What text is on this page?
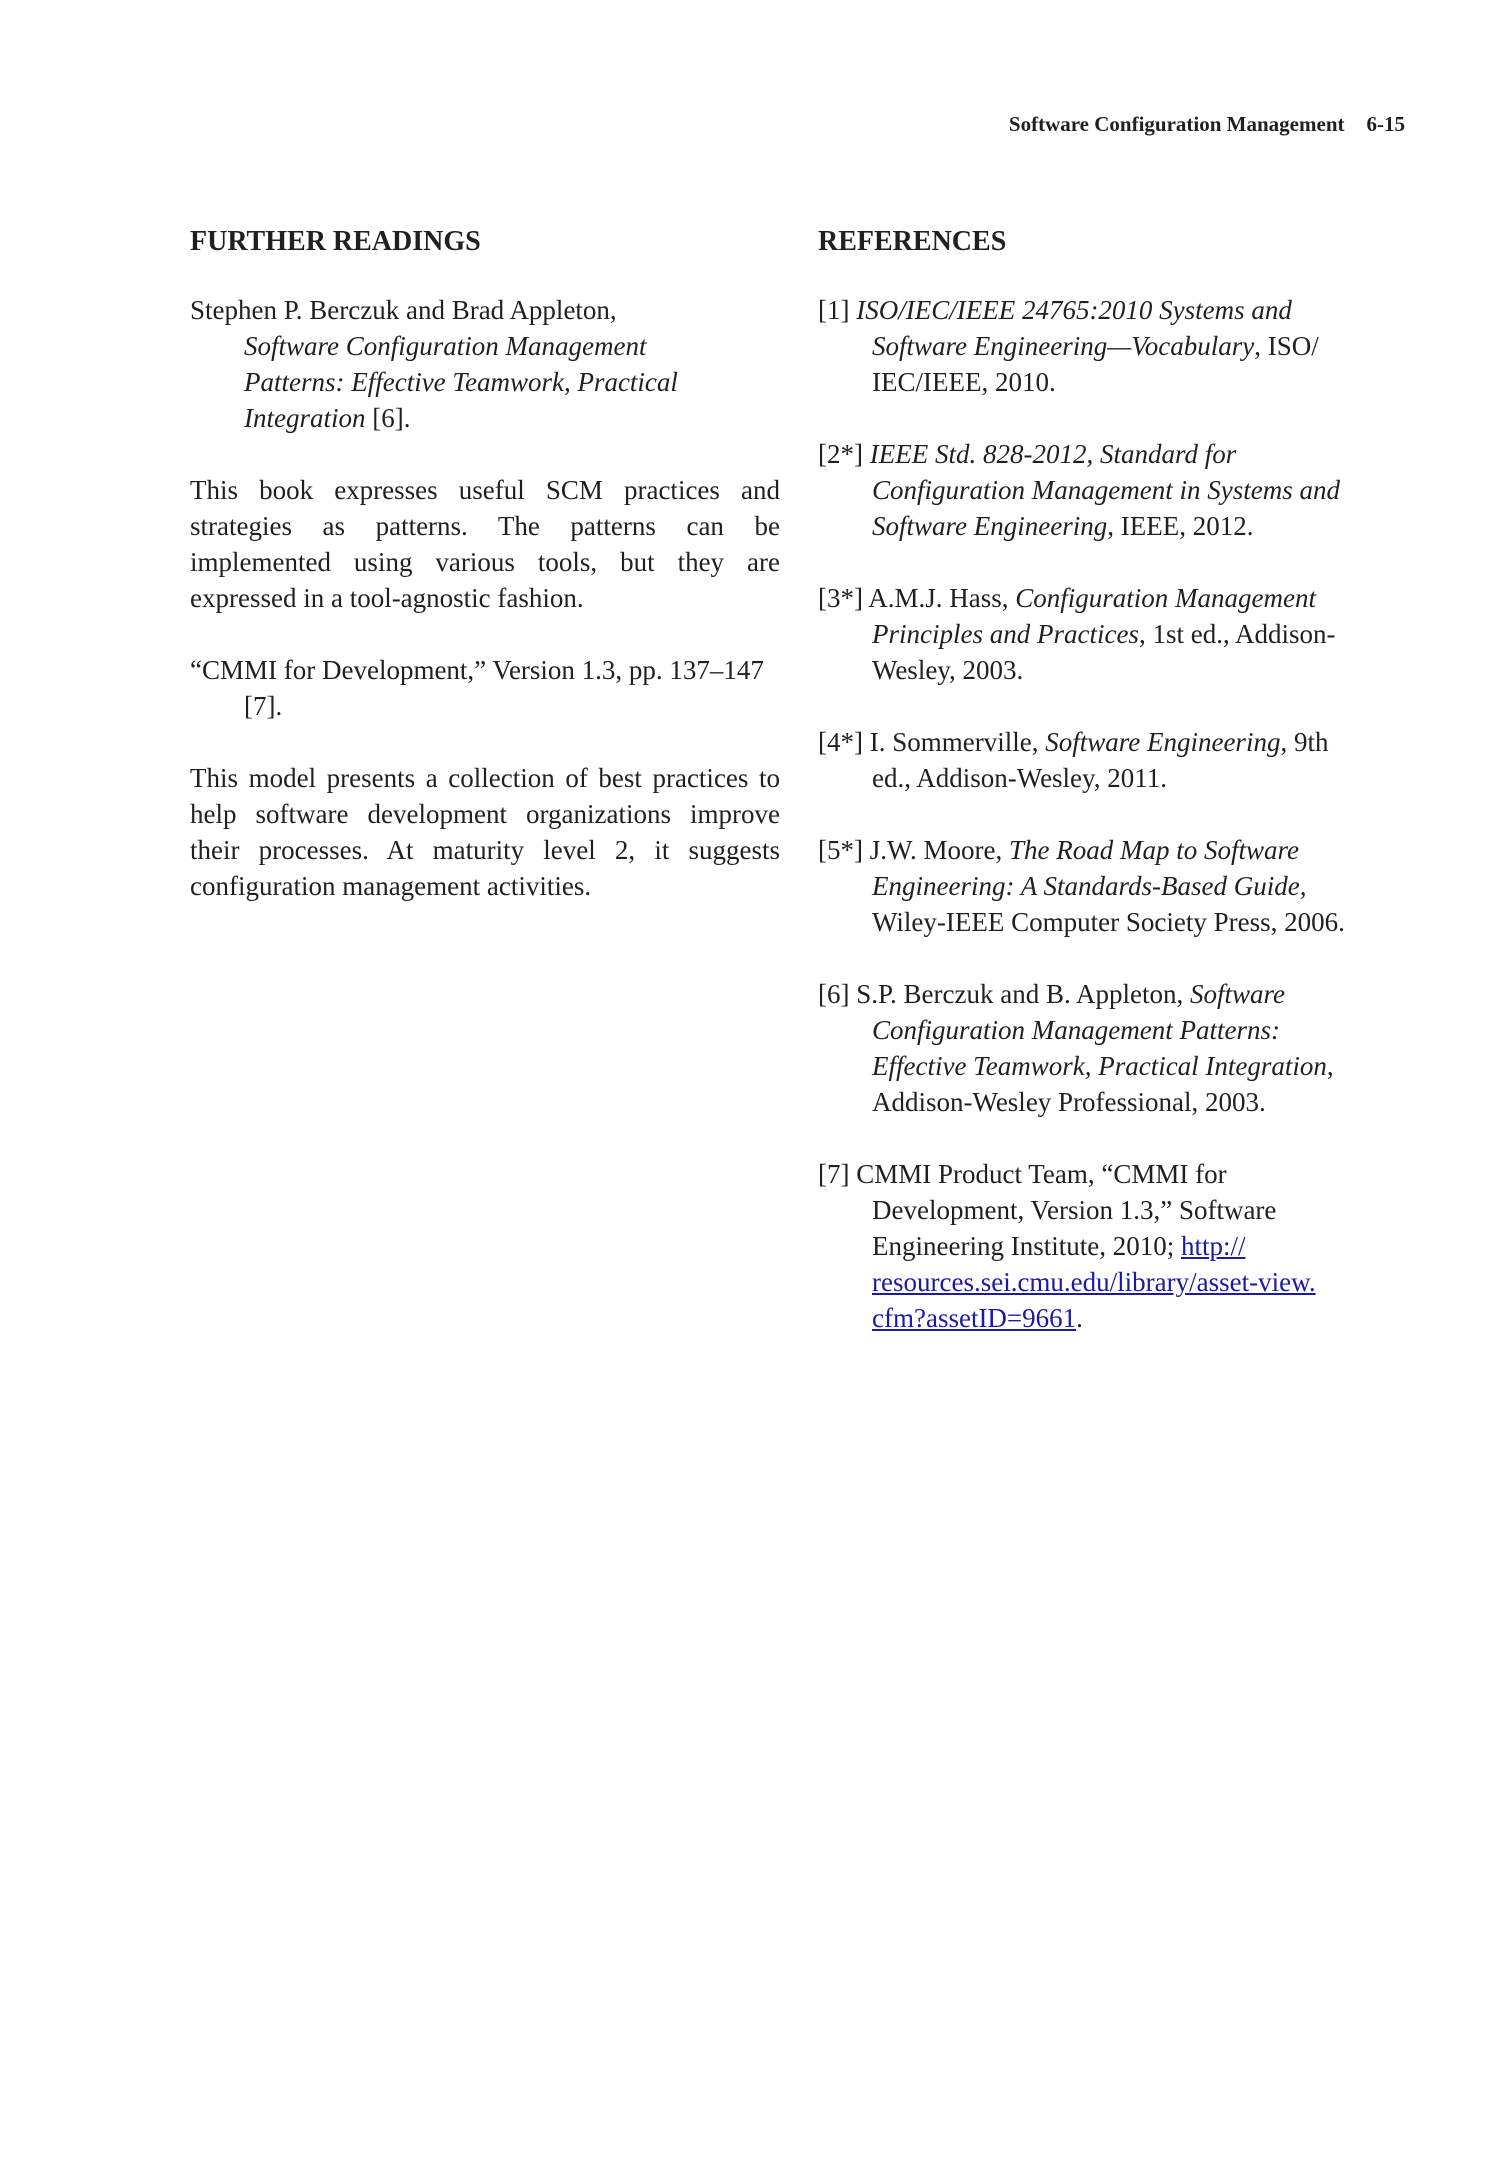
Software Configuration Management 6-15
FURTHER READINGS
Stephen P. Berczuk and Brad Appleton,
Software Configuration Management
Patterns: Effective Teamwork, Practical
Integration [6].
This book expresses useful SCM practices and strategies as patterns. The patterns can be implemented using various tools, but they are expressed in a tool-agnostic fashion.
“CMMI for Development,” Version 1.3, pp. 137–147 [7].
This model presents a collection of best practices to help software development organizations improve their processes. At maturity level 2, it suggests configuration management activities.
REFERENCES
[1] ISO/IEC/IEEE 24765:2010 Systems and
Software Engineering—Vocabulary, ISO/
IEC/IEEE, 2010.
[2*] IEEE Std. 828-2012, Standard for
Configuration Management in Systems and
Software Engineering, IEEE, 2012.
[3*] A.M.J. Hass, Configuration Management
Principles and Practices, 1st ed., Addison-
Wesley, 2003.
[4*] I. Sommerville, Software Engineering, 9th
ed., Addison-Wesley, 2011.
[5*] J.W. Moore, The Road Map to Software
Engineering: A Standards-Based Guide,
Wiley-IEEE Computer Society Press, 2006.
[6] S.P. Berczuk and B. Appleton, Software
Configuration Management Patterns:
Effective Teamwork, Practical Integration,
Addison-Wesley Professional, 2003.
[7] CMMI Product Team, “CMMI for
Development, Version 1.3,” Software
Engineering Institute, 2010; http://
resources.sei.cmu.edu/library/asset-view.
cfm?assetID=9661.
